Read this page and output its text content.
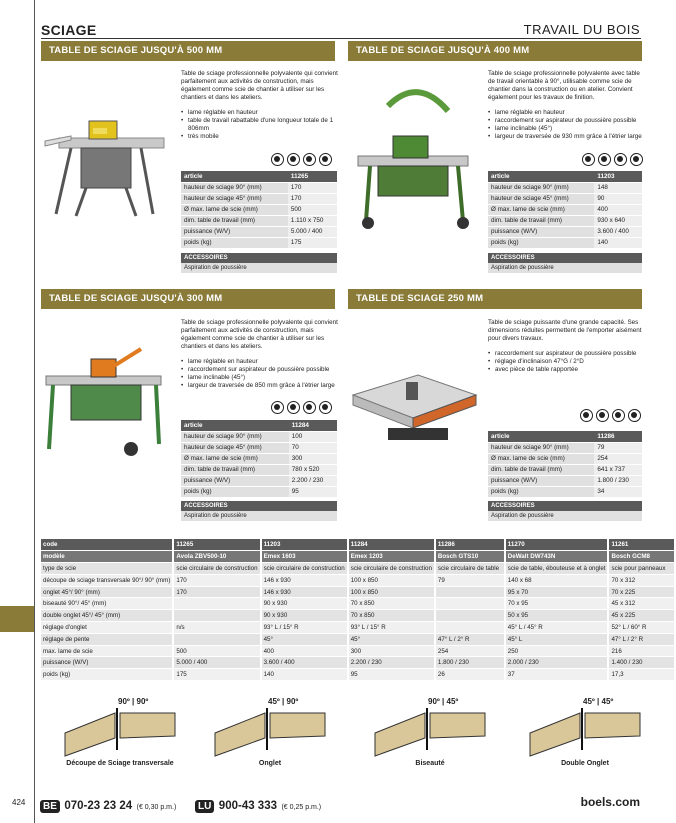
SCIAGE	TRAVAIL DU BOIS
TABLE DE SCIAGE JUSQU'À 500 MM
Table de sciage professionnelle polyvalente qui convient parfaitement aux activités de construction, mais également comme scie de chantier à utiliser sur les chantiers et dans les ateliers.
• lame réglable en hauteur
• table de travail rabattable d'une longueur totale de 1 806mm
• très mobile
article	11265
hauteur de sciage 90° (mm)	170
hauteur de sciage 45° (mm)	170
Ø max. lame de scie (mm)	500
dim. table de travail (mm)	1.110 x 750
puissance (W/V)	5.000 / 400
poids (kg)	175
ACCESSOIRES
Aspiration de poussière
TABLE DE SCIAGE JUSQU'À 400 MM
Table de sciage professionnelle polyvalente avec table de travail orientable à 90°, utilisable comme scie de chantier dans la construction ou en atelier. Convient également pour les travaux de finition.
• lame réglable en hauteur
• raccordement sur aspirateur de poussière possible
• lame inclinable (45°)
• largeur de traversée de 930 mm grâce à l'étrier large
article	11203
hauteur de sciage 90° (mm)	148
hauteur de sciage 45° (mm)	90
Ø max. lame de scie (mm)	400
dim. table de travail (mm)	930 x 640
puissance (W/V)	3.600 / 400
poids (kg)	140
ACCESSOIRES
Aspiration de poussière
TABLE DE SCIAGE JUSQU'À 300 MM
Table de sciage professionnelle polyvalente qui convient parfaitement aux activités de construction, mais également comme scie de chantier à utiliser sur les chantiers et dans les ateliers.
• lame réglable en hauteur
• raccordement sur aspirateur de poussière possible
• lame inclinable (45°)
• largeur de traversée de 850 mm grâce à l'étrier large
article	11284
hauteur de sciage 90° (mm)	100
hauteur de sciage 45° (mm)	70
Ø max. lame de scie (mm)	300
dim. table de travail (mm)	780 x 520
puissance (W/V)	2.200 / 230
poids (kg)	95
ACCESSOIRES
Aspiration de poussière
TABLE DE SCIAGE 250 MM
Table de sciage puissante d'une grande capacité. Ses dimensions réduites permettent de l'emporter aisément pour divers travaux.
• raccordement sur aspirateur de poussière possible
• réglage d'inclinaison 47°G / 2°D
• avec pièce de table rapportée
article	11286
hauteur de sciage 90° (mm)	79
Ø max. lame de scie (mm)	254
dim. table de travail (mm)	641 x 737
puissance (W/V)	1.800 / 230
poids (kg)	34
ACCESSOIRES
Aspiration de poussière
code	11265	11203	11284	11286	11270	11261
modèle	Avola ZBV500-10	Emex 1603	Emex 1203	Bosch GTS10	DeWalt DW743N	Bosch GCM8
type de scie	scie circulaire de construction	scie circulaire de construction	scie circulaire de construction	scie circulaire de table	scie de table, ébouteuse et à onglet	scie pour panneaux
découpe de sciage transversale 90°/ 90° (mm)	170	146 x 930	100 x 850	79	140 x 68	70 x 312
onglet 45°/ 90° (mm)	170	146 x 930	100 x 850		95 x 70	70 x 225
biseauté 90°/ 45° (mm)		90 x 930	70 x 850		70 x 95	45 x 312
double onglet 45°/ 45° (mm)		90 x 930	70 x 850		50 x 95	45 x 225
réglage d'onglet	n/s	93° L / 15° R	93° L / 15° R		45° L / 45° R	52° L / 60° R
réglage de pente		45°	45°	47° L / 2° R	45° L	47° L / 2° R
max. lame de scie	500	400	300	254	250	216
puissance (W/V)	5.000 / 400	3.600 / 400	2.200 / 230	1.800 / 230	2.000 / 230	1.400 / 230
poids (kg)	175	140	95	26	37	17,3
90º | 90º
Découpe de Sciage transversale
45º | 90º
Onglet
90º | 45º
Biseauté
45º | 45º
Double Onglet
424	BE 070-23 23 24 (€ 0,30 p.m.)	LU 900-43 333 (€ 0,25 p.m.)	boels.com
